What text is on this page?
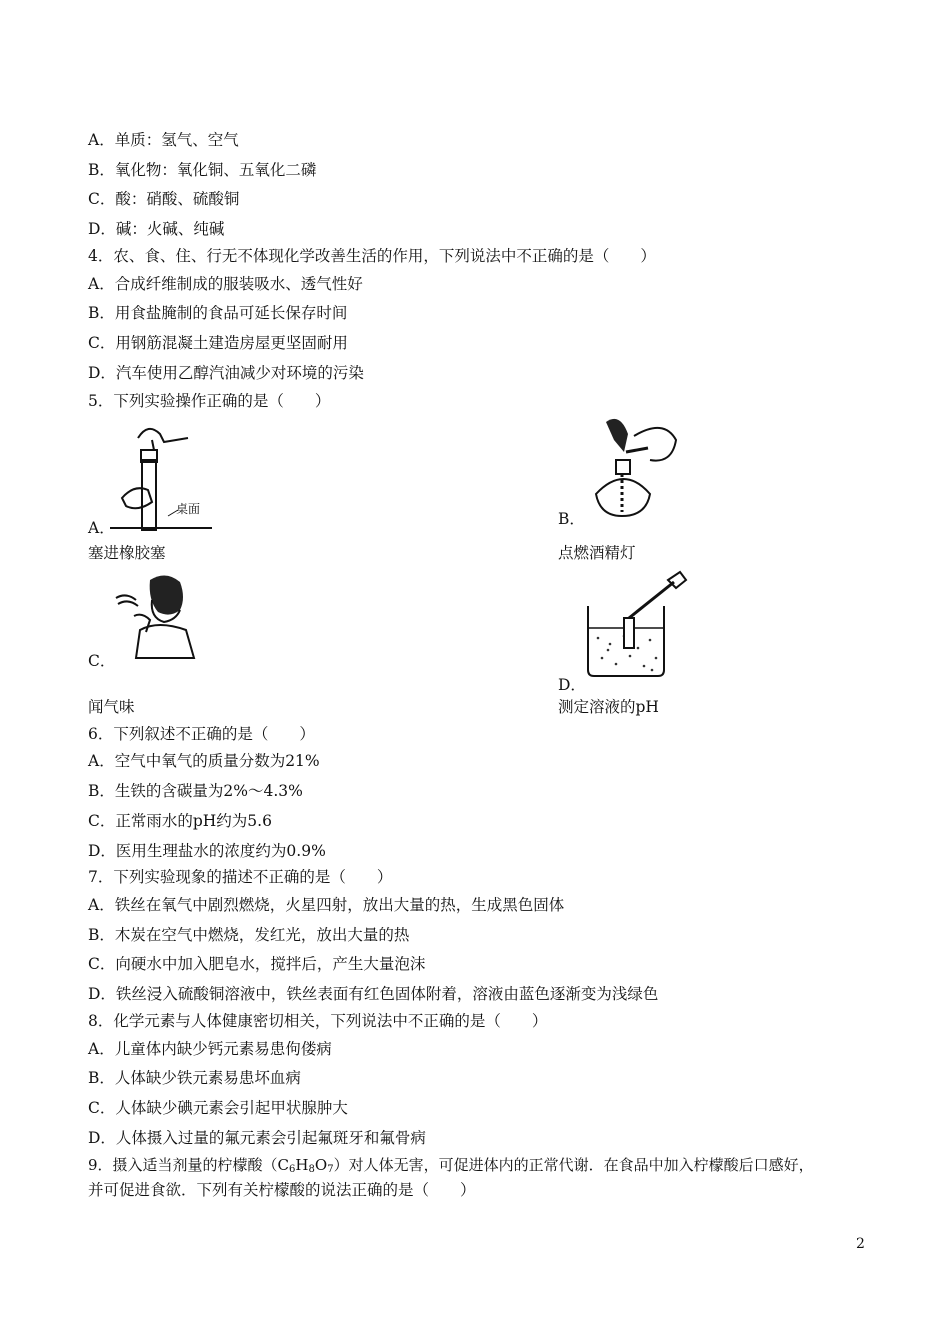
A．单质：氢气、空气
B．氧化物：氧化铜、五氧化二磷
C．酸：硝酸、硫酸铜
D．碱：火碱、纯碱
4．农、食、住、行无不体现化学改善生活的作用，下列说法中不正确的是（　　）
A．合成纤维制成的服装吸水、透气性好
B．用食盐腌制的食品可延长保存时间
C．用钢筋混凝土建造房屋更坚固耐用
D．汽车使用乙醇汽油减少对环境的污染
5．下列实验操作正确的是（　　）
桌面
A．
塞进橡胶塞
B．
点燃酒精灯
C．
闻气味
D．
测定溶液的pH
6．下列叙述不正确的是（　　）
A．空气中氧气的质量分数为21%
B．生铁的含碳量为2%～4.3%
C．正常雨水的pH约为5.6
D．医用生理盐水的浓度约为0.9%
7．下列实验现象的描述不正确的是（　　）
A．铁丝在氧气中剧烈燃烧，火星四射，放出大量的热，生成黑色固体
B．木炭在空气中燃烧，发红光，放出大量的热
C．向硬水中加入肥皂水，搅拌后，产生大量泡沫
D．铁丝浸入硫酸铜溶液中，铁丝表面有红色固体附着，溶液由蓝色逐渐变为浅绿色
8．化学元素与人体健康密切相关，下列说法中不正确的是（　　）
A．儿童体内缺少钙元素易患佝偻病
B．人体缺少铁元素易患坏血病
C．人体缺少碘元素会引起甲状腺肿大
D．人体摄入过量的氟元素会引起氟斑牙和氟骨病
9．摄入适当剂量的柠檬酸$(C_6H_8O_7)$对人体无害，可促进体内的正常代谢．在食品中加入柠檬酸后口感好，
并可促进食欲．下列有关柠檬酸的说法正确的是（　　）
2
